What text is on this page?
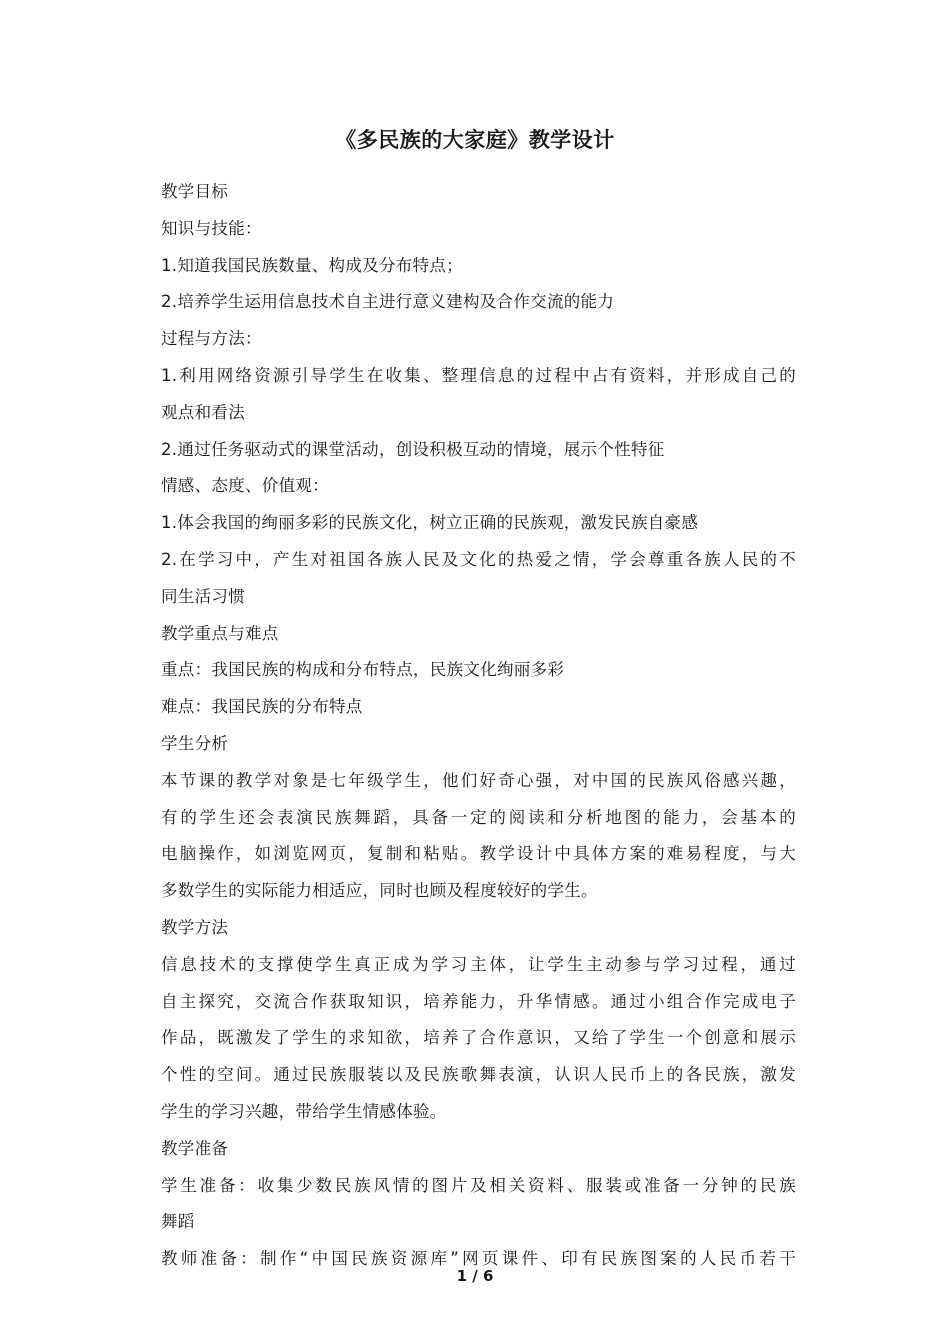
《多民族的大家庭》教学设计
教学目标
知识与技能：
1.知道我国民族数量、构成及分布特点；
2.培养学生运用信息技术自主进行意义建构及合作交流的能力
过程与方法：
1.利用网络资源引导学生在收集、整理信息的过程中占有资料，并形成自己的
观点和看法
2.通过任务驱动式的课堂活动，创设积极互动的情境，展示个性特征
情感、态度、价值观：
1.体会我国的绚丽多彩的民族文化，树立正确的民族观，激发民族自豪感
2.在学习中，产生对祖国各族人民及文化的热爱之情，学会尊重各族人民的不
同生活习惯
教学重点与难点
重点：我国民族的构成和分布特点，民族文化绚丽多彩
难点：我国民族的分布特点
学生分析
本节课的教学对象是七年级学生，他们好奇心强，对中国的民族风俗感兴趣，
有的学生还会表演民族舞蹈，具备一定的阅读和分析地图的能力，会基本的
电脑操作，如浏览网页，复制和粘贴。教学设计中具体方案的难易程度，与大
多数学生的实际能力相适应，同时也顾及程度较好的学生。
教学方法
信息技术的支撑使学生真正成为学习主体，让学生主动参与学习过程，通过
自主探究，交流合作获取知识，培养能力，升华情感。通过小组合作完成电子
作品，既激发了学生的求知欲，培养了合作意识，又给了学生一个创意和展示
个性的空间。通过民族服装以及民族歌舞表演，认识人民币上的各民族，激发
学生的学习兴趣，带给学生情感体验。
教学准备
学生准备：收集少数民族风情的图片及相关资料、服装或准备一分钟的民族
舞蹈
教师准备：制作“中国民族资源库”网页课件、印有民族图案的人民币若干
1 / 6
